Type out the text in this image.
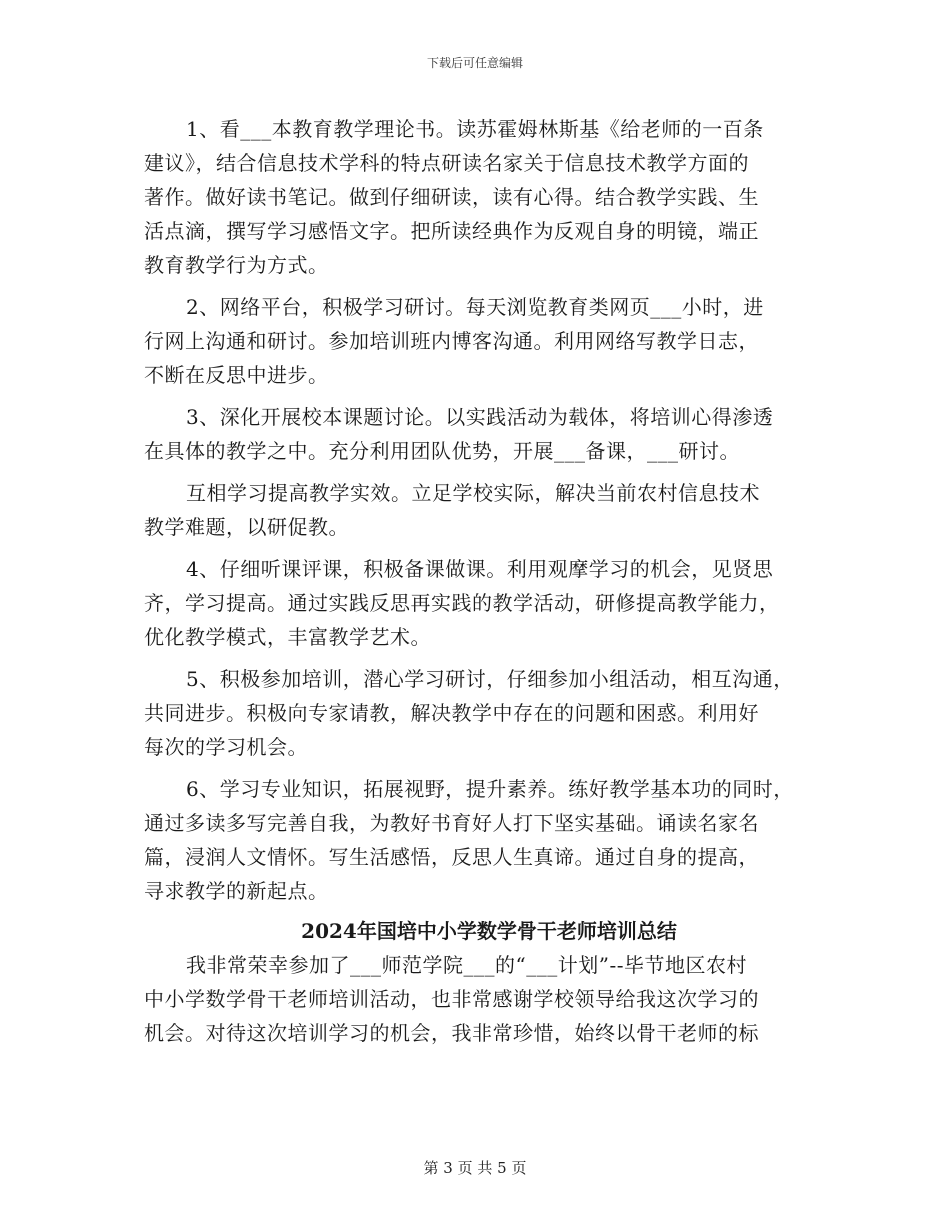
下载后可任意编辑
1、看___本教育教学理论书。读苏霍姆林斯基《给老师的一百条
建议》，结合信息技术学科的特点研读名家关于信息技术教学方面的
著作。做好读书笔记。做到仔细研读，读有心得。结合教学实践、生
活点滴，撰写学习感悟文字。把所读经典作为反观自身的明镜，端正
教育教学行为方式。
2、网络平台，积极学习研讨。每天浏览教育类网页___小时，进
行网上沟通和研讨。参加培训班内博客沟通。利用网络写教学日志，
不断在反思中进步。
3、深化开展校本课题讨论。以实践活动为载体，将培训心得渗透
在具体的教学之中。充分利用团队优势，开展___备课，___研讨。
互相学习提高教学实效。立足学校实际，解决当前农村信息技术
教学难题，以研促教。
4、仔细听课评课，积极备课做课。利用观摩学习的机会，见贤思
齐，学习提高。通过实践反思再实践的教学活动，研修提高教学能力，
优化教学模式，丰富教学艺术。
5、积极参加培训，潜心学习研讨，仔细参加小组活动，相互沟通，
共同进步。积极向专家请教，解决教学中存在的问题和困惑。利用好
每次的学习机会。
6、学习专业知识，拓展视野，提升素养。练好教学基本功的同时，
通过多读多写完善自我，为教好书育好人打下坚实基础。诵读名家名
篇，浸润人文情怀。写生活感悟，反思人生真谛。通过自身的提高，
寻求教学的新起点。
2024年国培中小学数学骨干老师培训总结
我非常荣幸参加了___师范学院___的“___计划”--毕节地区农村
中小学数学骨干老师培训活动，也非常感谢学校领导给我这次学习的
机会。对待这次培训学习的机会，我非常珍惜，始终以骨干老师的标
第 3 页 共 5 页
